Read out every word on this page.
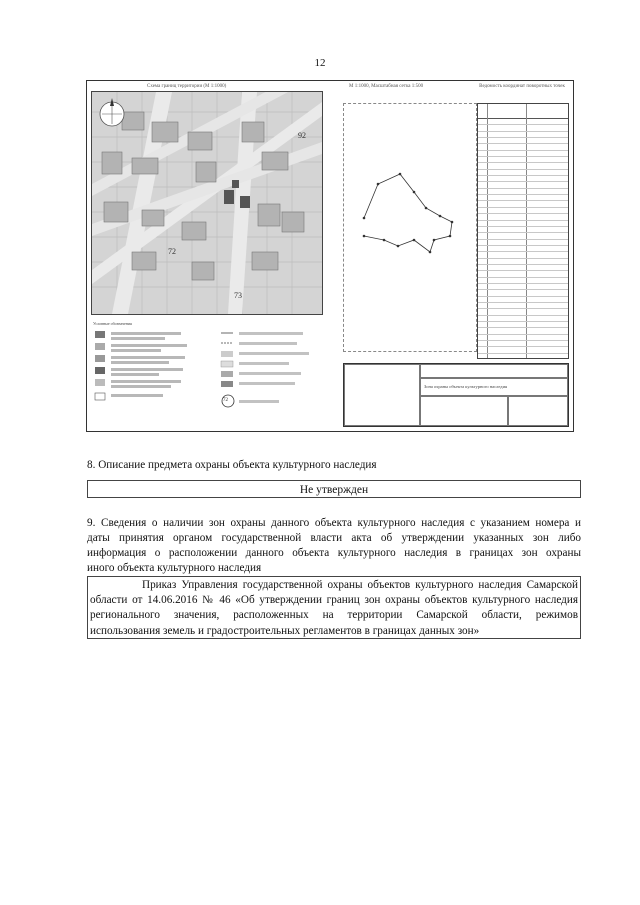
12
Схема границ территории (М 1:1000)	М 1:1000, Масштабная сетка 1:500	Ведомость координат поворотных точек
92
72
73
Условные обозначения
72
Зона охраны объекта культурного наследия
8. Описание предмета охраны объекта культурного наследия
Не утвержден
9. Сведения о наличии зон охраны данного объекта культурного наследия с указанием номера и
даты принятия органом государственной власти акта об утверждении указанных зон либо
информация о расположении данного объекта культурного наследия в границах зон охраны
иного объекта культурного наследия
Приказ Управления государственной охраны объектов культурного наследия Самарской
области от 14.06.2016 № 46 «Об утверждении границ зон охраны объектов культурного наследия
регионального значения, расположенных на территории Самарской области, режимов
использования земель и градостроительных регламентов в границах данных зон»
